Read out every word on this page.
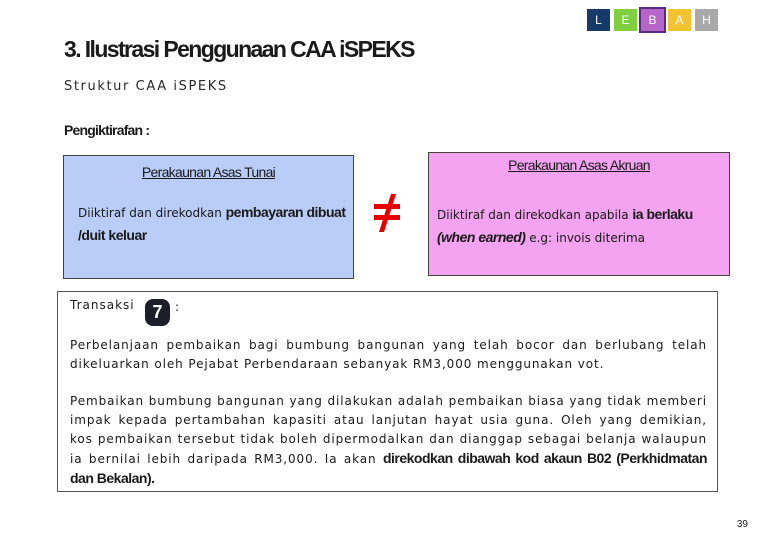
L E B A H
3. Ilustrasi Penggunaan CAA iSPEKS
Struktur CAA iSPEKS
Pengiktirafan :
Perakaunan Asas Tunai
Diiktiraf dan direkodkan pembayaran dibuat /duit keluar
Perakaunan Asas Akruan
Diiktiraf dan direkodkan apabila ia berlaku
(when earned) e.g: invois diterima
Transaksi 7	:
Perbelanjaan pembaikan bagi bumbung bangunan yang telah bocor dan berlubang telah dikeluarkan oleh Pejabat Perbendaraan sebanyak RM3,000 menggunakan vot.
Pembaikan bumbung bangunan yang dilakukan adalah pembaikan biasa yang tidak memberi impak kepada pertambahan kapasiti atau lanjutan hayat usia guna. Oleh yang demikian, kos pembaikan tersebut tidak boleh dipermodalkan dan dianggap sebagai belanja walaupun ia bernilai lebih daripada RM3,000. Ia akan direkodkan dibawah kod akaun B02 (Perkhidmatan dan Bekalan).
39
